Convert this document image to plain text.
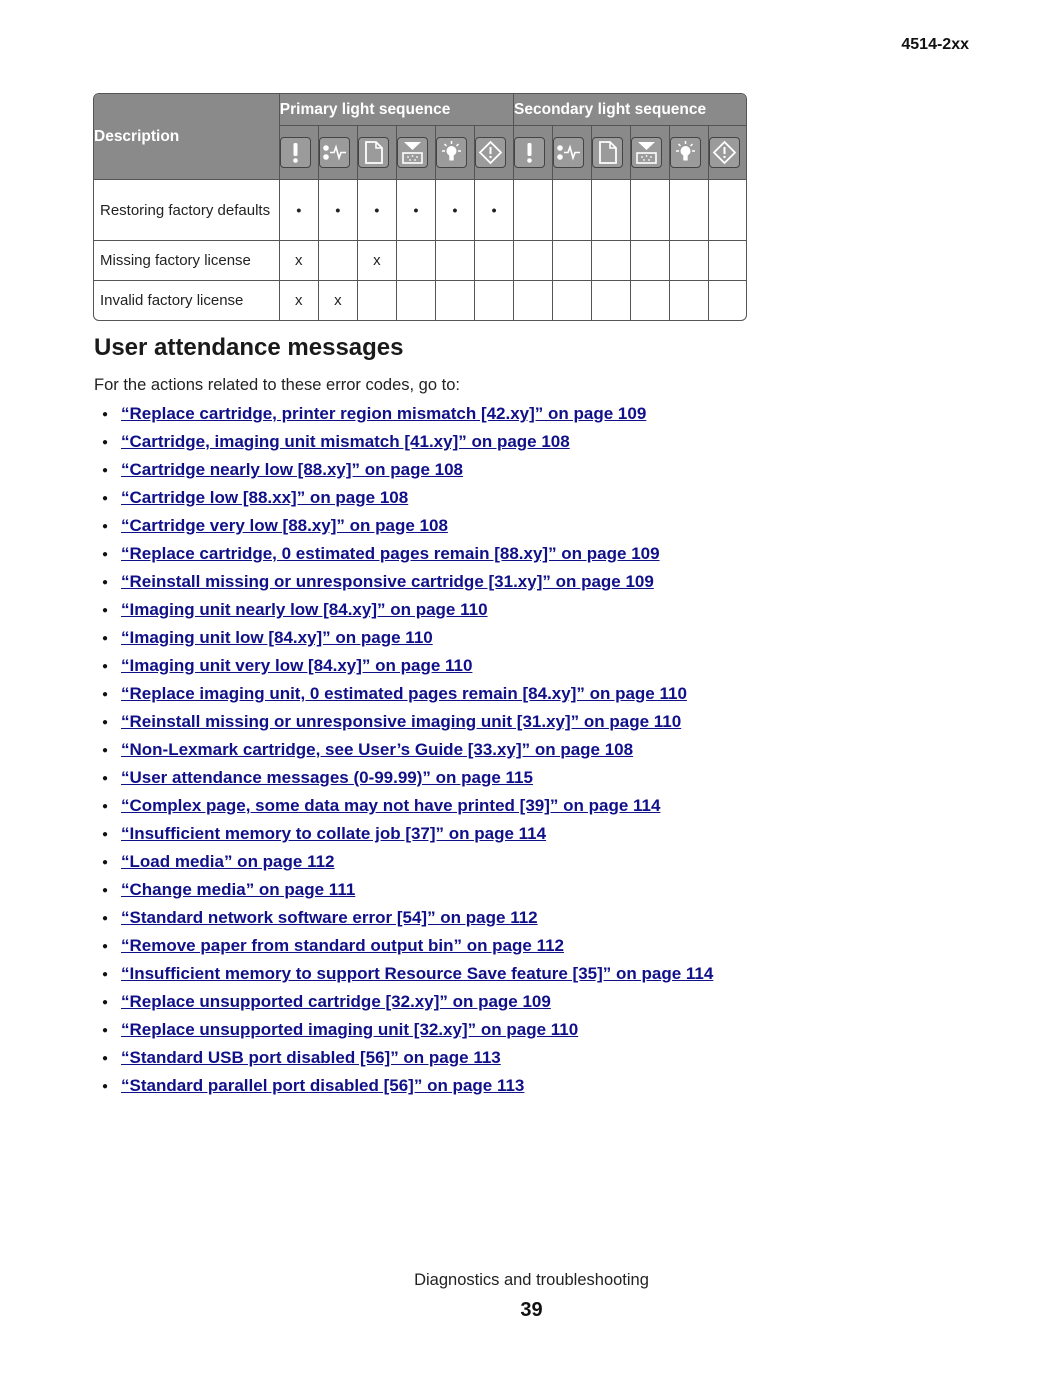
4514-2xx
Description	Primary light sequence						Secondary light sequence					

Restoring factory defaults	•	•	•	•	•	•						
Missing factory license	x		x									
Invalid factory license	x	x										
User attendance messages

For the actions related to these error codes, go to:

● “Replace cartridge, printer region mismatch [42.xy]” on page 109
● “Cartridge, imaging unit mismatch [41.xy]” on page 108
● “Cartridge nearly low [88.xy]” on page 108
● “Cartridge low [88.xx]” on page 108
● “Cartridge very low [88.xy]” on page 108
● “Replace cartridge, 0 estimated pages remain [88.xy]” on page 109
● “Reinstall missing or unresponsive cartridge [31.xy]” on page 109
● “Imaging unit nearly low [84.xy]” on page 110
● “Imaging unit low [84.xy]” on page 110
● “Imaging unit very low [84.xy]” on page 110
● “Replace imaging unit, 0 estimated pages remain [84.xy]” on page 110
● “Reinstall missing or unresponsive imaging unit [31.xy]” on page 110
● “Non‑Lexmark cartridge, see User’s Guide [33.xy]” on page 108
● “User attendance messages (0‑99.99)” on page 115
● “Complex page, some data may not have printed [39]” on page 114
● “Insufficient memory to collate job [37]” on page 114
● “Load media” on page 112
● “Change media” on page 111
● “Standard network software error [54]” on page 112
● “Remove paper from standard output bin” on page 112
● “Insufficient memory to support Resource Save feature [35]” on page 114
● “Replace unsupported cartridge [32.xy]” on page 109
● “Replace unsupported imaging unit [32.xy]” on page 110
● “Standard USB port disabled [56]” on page 113
● “Standard parallel port disabled [56]” on page 113
Diagnostics and troubleshooting
39
